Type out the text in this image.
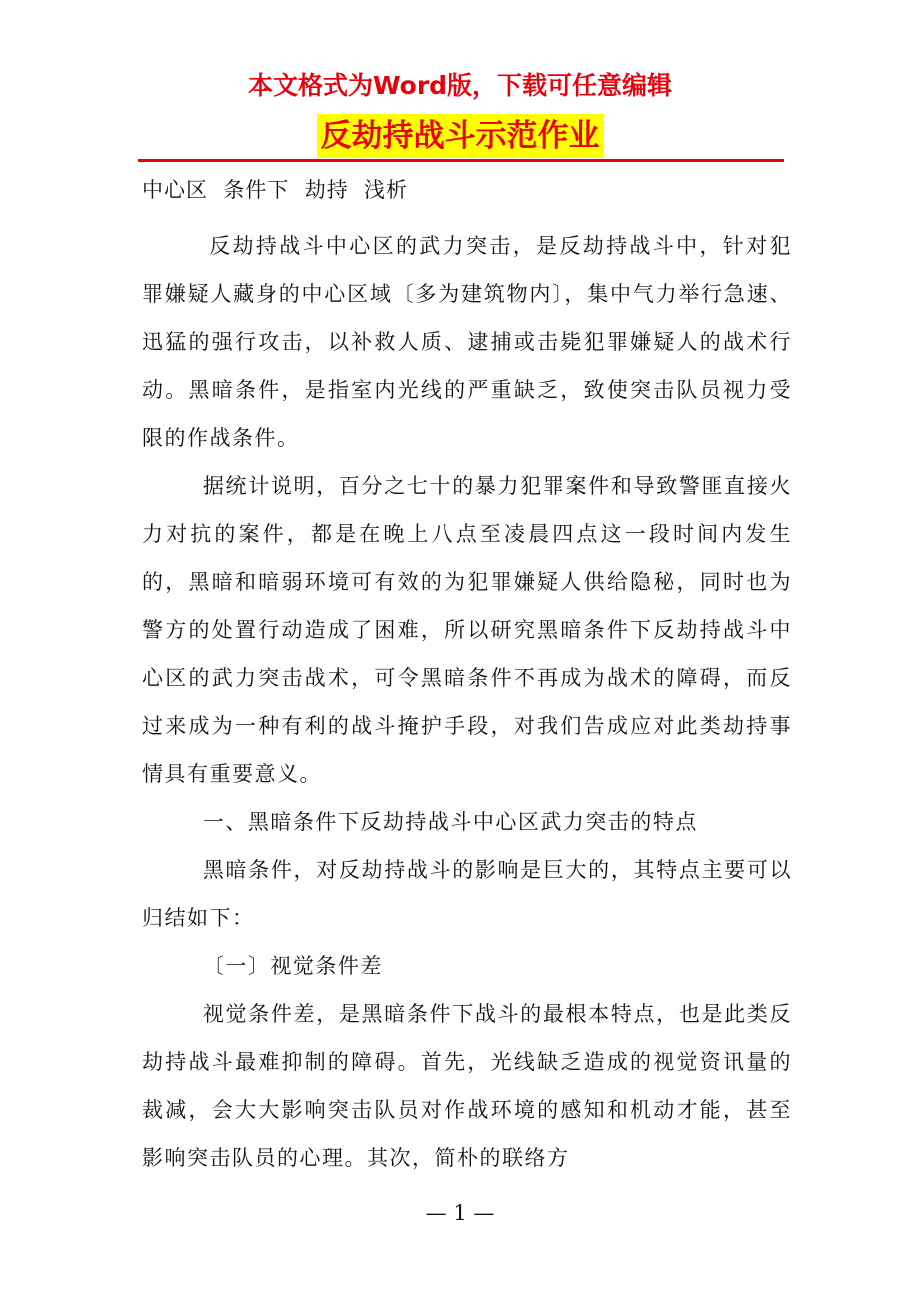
本文格式为Word版，下载可任意编辑
反劫持战斗示范作业
中心区  条件下  劫持  浅析

反劫持战斗中心区的武力突击，是反劫持战斗中，针对犯罪嫌疑人藏身的中心区域〔多为建筑物内〕，集中气力举行急速、迅猛的强行攻击，以补救人质、逮捕或击毙犯罪嫌疑人的战术行动。黑暗条件，是指室内光线的严重缺乏，致使突击队员视力受限的作战条件。

据统计说明，百分之七十的暴力犯罪案件和导致警匪直接火力对抗的案件，都是在晚上八点至凌晨四点这一段时间内发生的，黑暗和暗弱环境可有效的为犯罪嫌疑人供给隐秘，同时也为警方的处置行动造成了困难，所以研究黑暗条件下反劫持战斗中心区的武力突击战术，可令黑暗条件不再成为战术的障碍，而反过来成为一种有利的战斗掩护手段，对我们告成应对此类劫持事情具有重要意义。

一、黑暗条件下反劫持战斗中心区武力突击的特点

黑暗条件，对反劫持战斗的影响是巨大的，其特点主要可以归结如下：

〔一〕视觉条件差

视觉条件差，是黑暗条件下战斗的最根本特点，也是此类反劫持战斗最难抑制的障碍。首先，光线缺乏造成的视觉资讯量的裁减，会大大影响突击队员对作战环境的感知和机动才能，甚至影响突击队员的心理。其次，简朴的联络方

— 1 —
